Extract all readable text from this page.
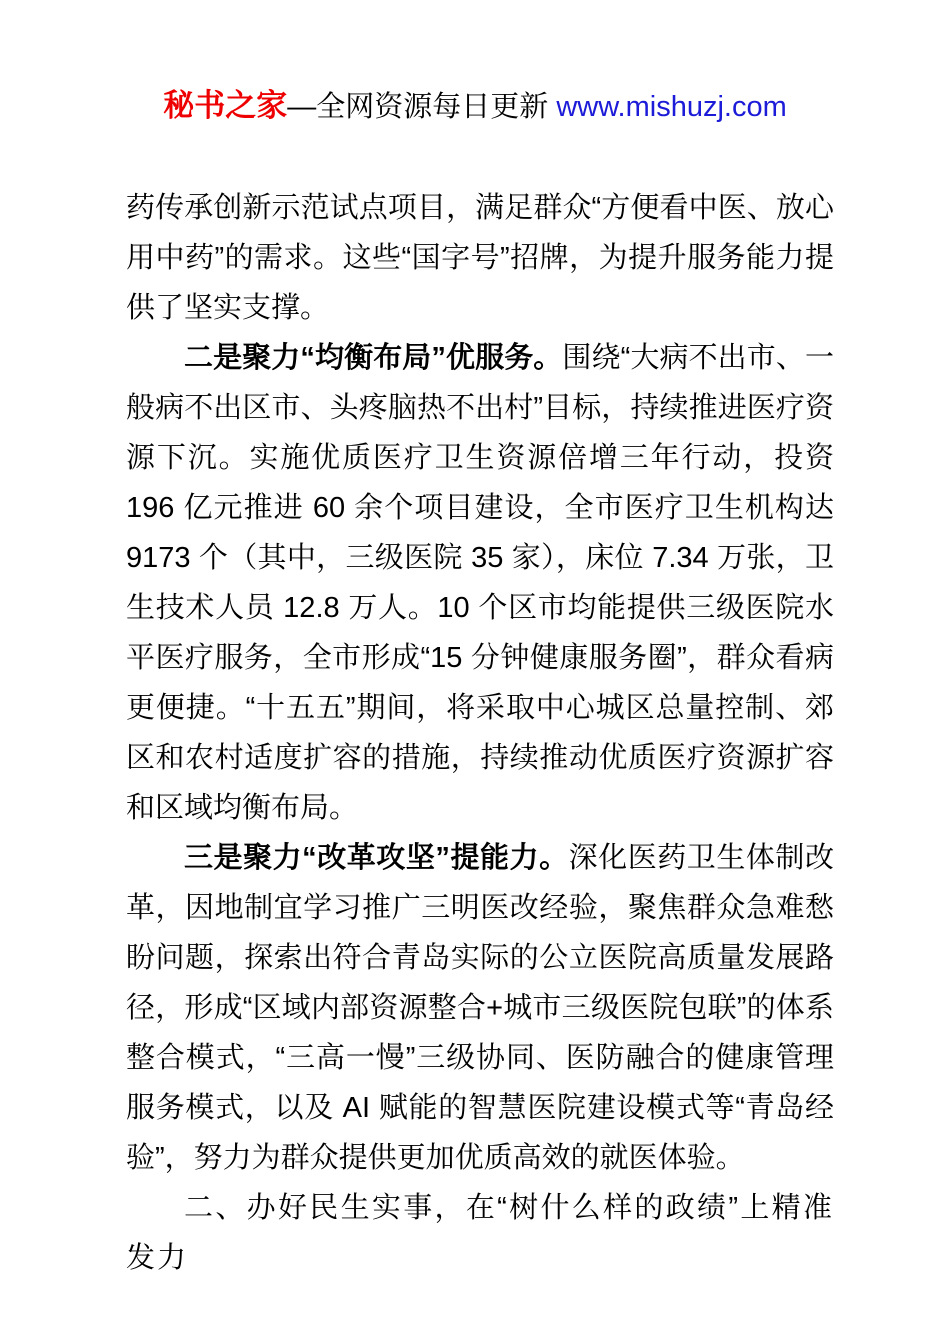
秘书之家—全网资源每日更新 www.mishuzj.com

药传承创新示范试点项目，满足群众“方便看中医、放心用中药”的需求。这些“国字号”招牌，为提升服务能力提供了坚实支撑。

二是聚力“均衡布局”优服务。围绕“大病不出市、一般病不出区市、头疼脑热不出村”目标，持续推进医疗资源下沉。实施优质医疗卫生资源倍增三年行动，投资 196 亿元推进 60 余个项目建设，全市医疗卫生机构达 9173 个（其中，三级医院 35 家），床位 7.34 万张，卫生技术人员 12.8 万人。10 个区市均能提供三级医院水平医疗服务，全市形成“15 分钟健康服务圈”，群众看病更便捷。“十五五”期间，将采取中心城区总量控制、郊区和农村适度扩容的措施，持续推动优质医疗资源扩容和区域均衡布局。

三是聚力“改革攻坚”提能力。深化医药卫生体制改革，因地制宜学习推广三明医改经验，聚焦群众急难愁盼问题，探索出符合青岛实际的公立医院高质量发展路径，形成“区域内部资源整合+城市三级医院包联”的体系整合模式，“三高一慢”三级协同、医防融合的健康管理服务模式，以及 AI 赋能的智慧医院建设模式等“青岛经验”，努力为群众提供更加优质高效的就医体验。

二、办好民生实事，在“树什么样的政绩”上精准发力
